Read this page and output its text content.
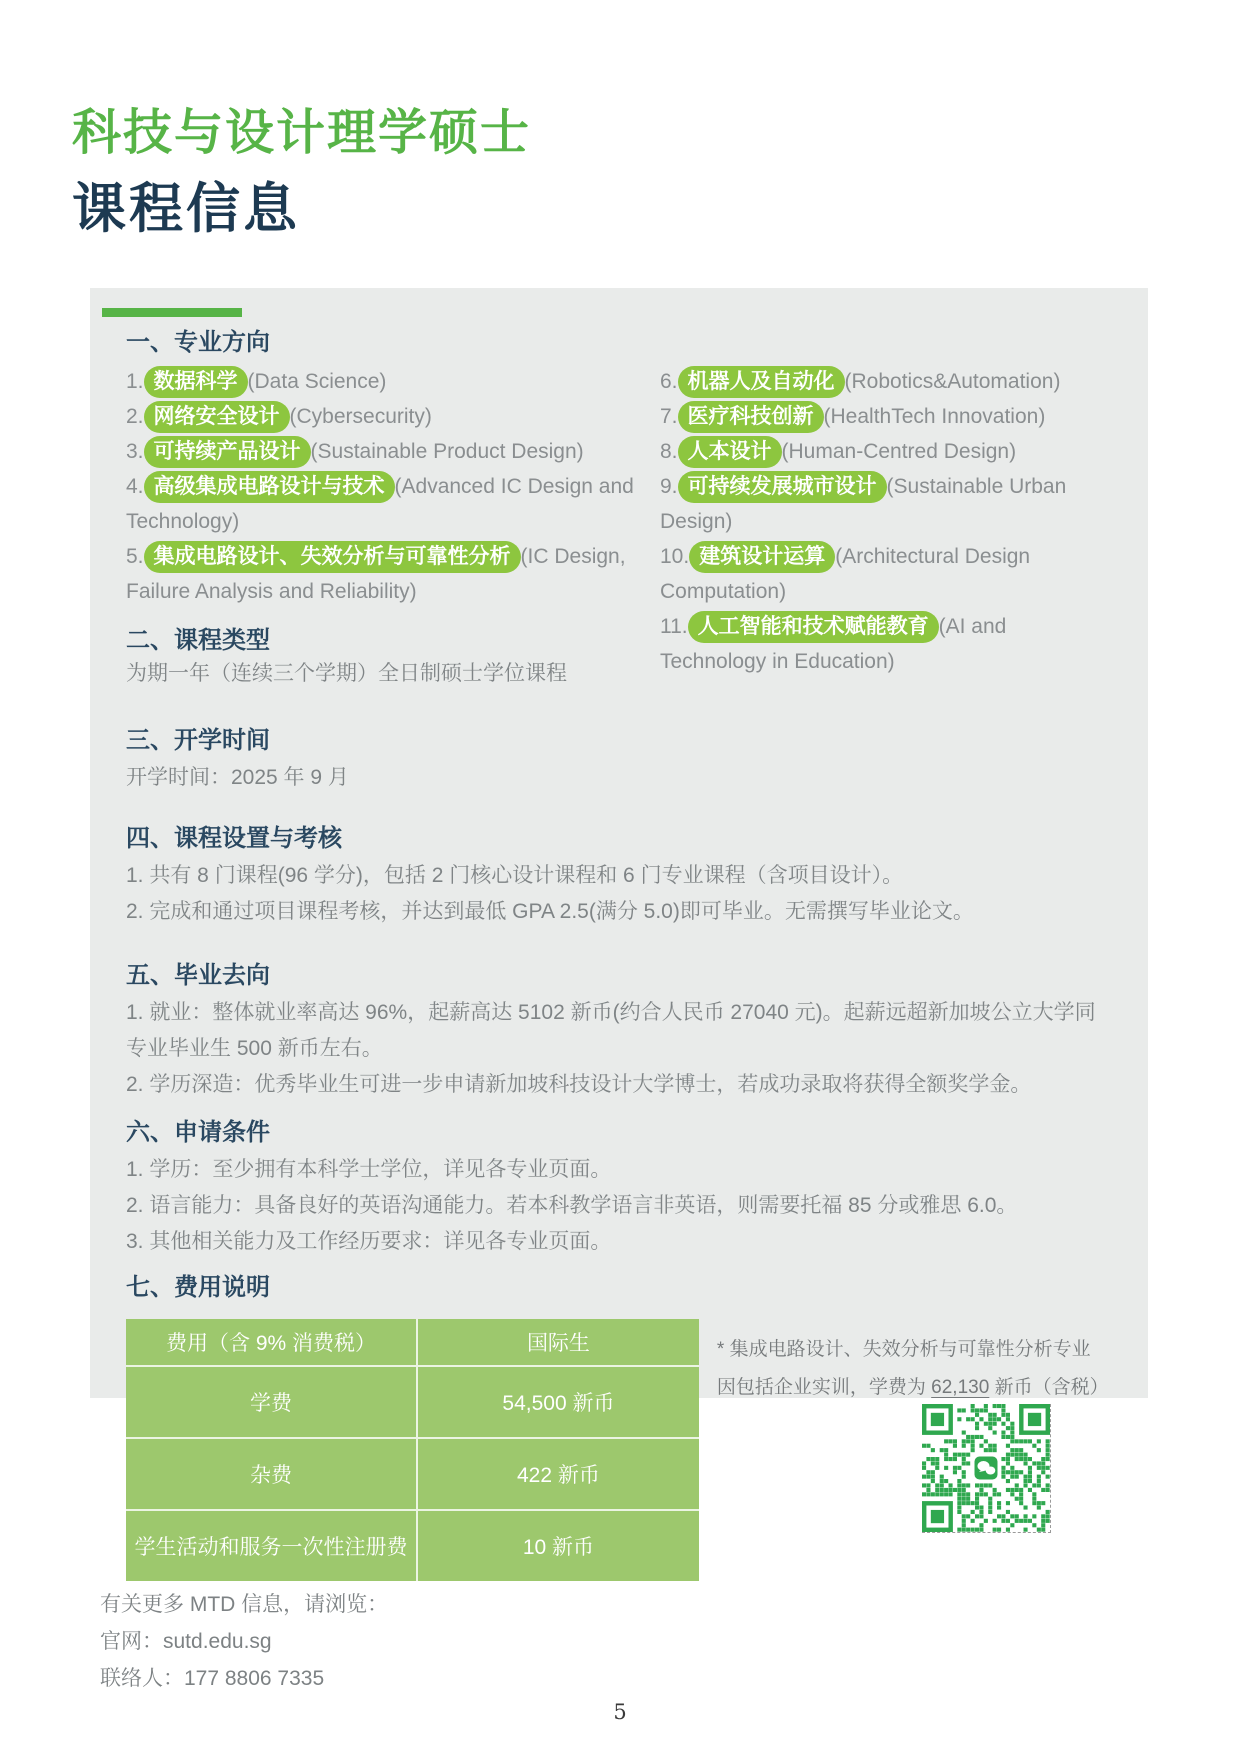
科技与设计理学硕士
课程信息
一、专业方向
1. 数据科学 (Data Science)
2. 网络安全设计 (Cybersecurity)
3. 可持续产品设计 (Sustainable Product Design)
4. 高级集成电路设计与技术 (Advanced IC Design and Technology)
5. 集成电路设计、失效分析与可靠性分析 (IC Design, Failure Analysis and Reliability)
二、课程类型
为期一年（连续三个学期）全日制硕士学位课程
6. 机器人及自动化 (Robotics&Automation)
7. 医疗科技创新 (HealthTech Innovation)
8. 人本设计 (Human-Centred Design)
9. 可持续发展城市设计 (Sustainable Urban Design)
10. 建筑设计运算 (Architectural Design Computation)
11. 人工智能和技术赋能教育 (AI and Technology in Education)
三、开学时间
开学时间：2025 年 9 月
四、课程设置与考核
1. 共有 8 门课程(96 学分)，包括 2 门核心设计课程和 6 门专业课程（含项目设计）。
2. 完成和通过项目课程考核，并达到最低 GPA 2.5(满分 5.0)即可毕业。无需撰写毕业论文。
五、毕业去向
1. 就业：整体就业率高达 96%，起薪高达 5102 新币(约合人民币 27040 元)。起薪远超新加坡公立大学同专业毕业生 500 新币左右。
2. 学历深造：优秀毕业生可进一步申请新加坡科技设计大学博士，若成功录取将获得全额奖学金。
六、申请条件
1. 学历：至少拥有本科学士学位，详见各专业页面。
2. 语言能力：具备良好的英语沟通能力。若本科教学语言非英语，则需要托福 85 分或雅思 6.0。
3. 其他相关能力及工作经历要求：详见各专业页面。
七、费用说明
费用（含 9% 消费税）	国际生
学费	54,500 新币
杂费	422 新币
学生活动和服务一次性注册费	10 新币
* 集成电路设计、失效分析与可靠性分析专业
因包括企业实训，学费为 62,130 新币（含税）
有关更多 MTD 信息，请浏览：
官网：sutd.edu.sg
联络人：177 8806 7335
5
